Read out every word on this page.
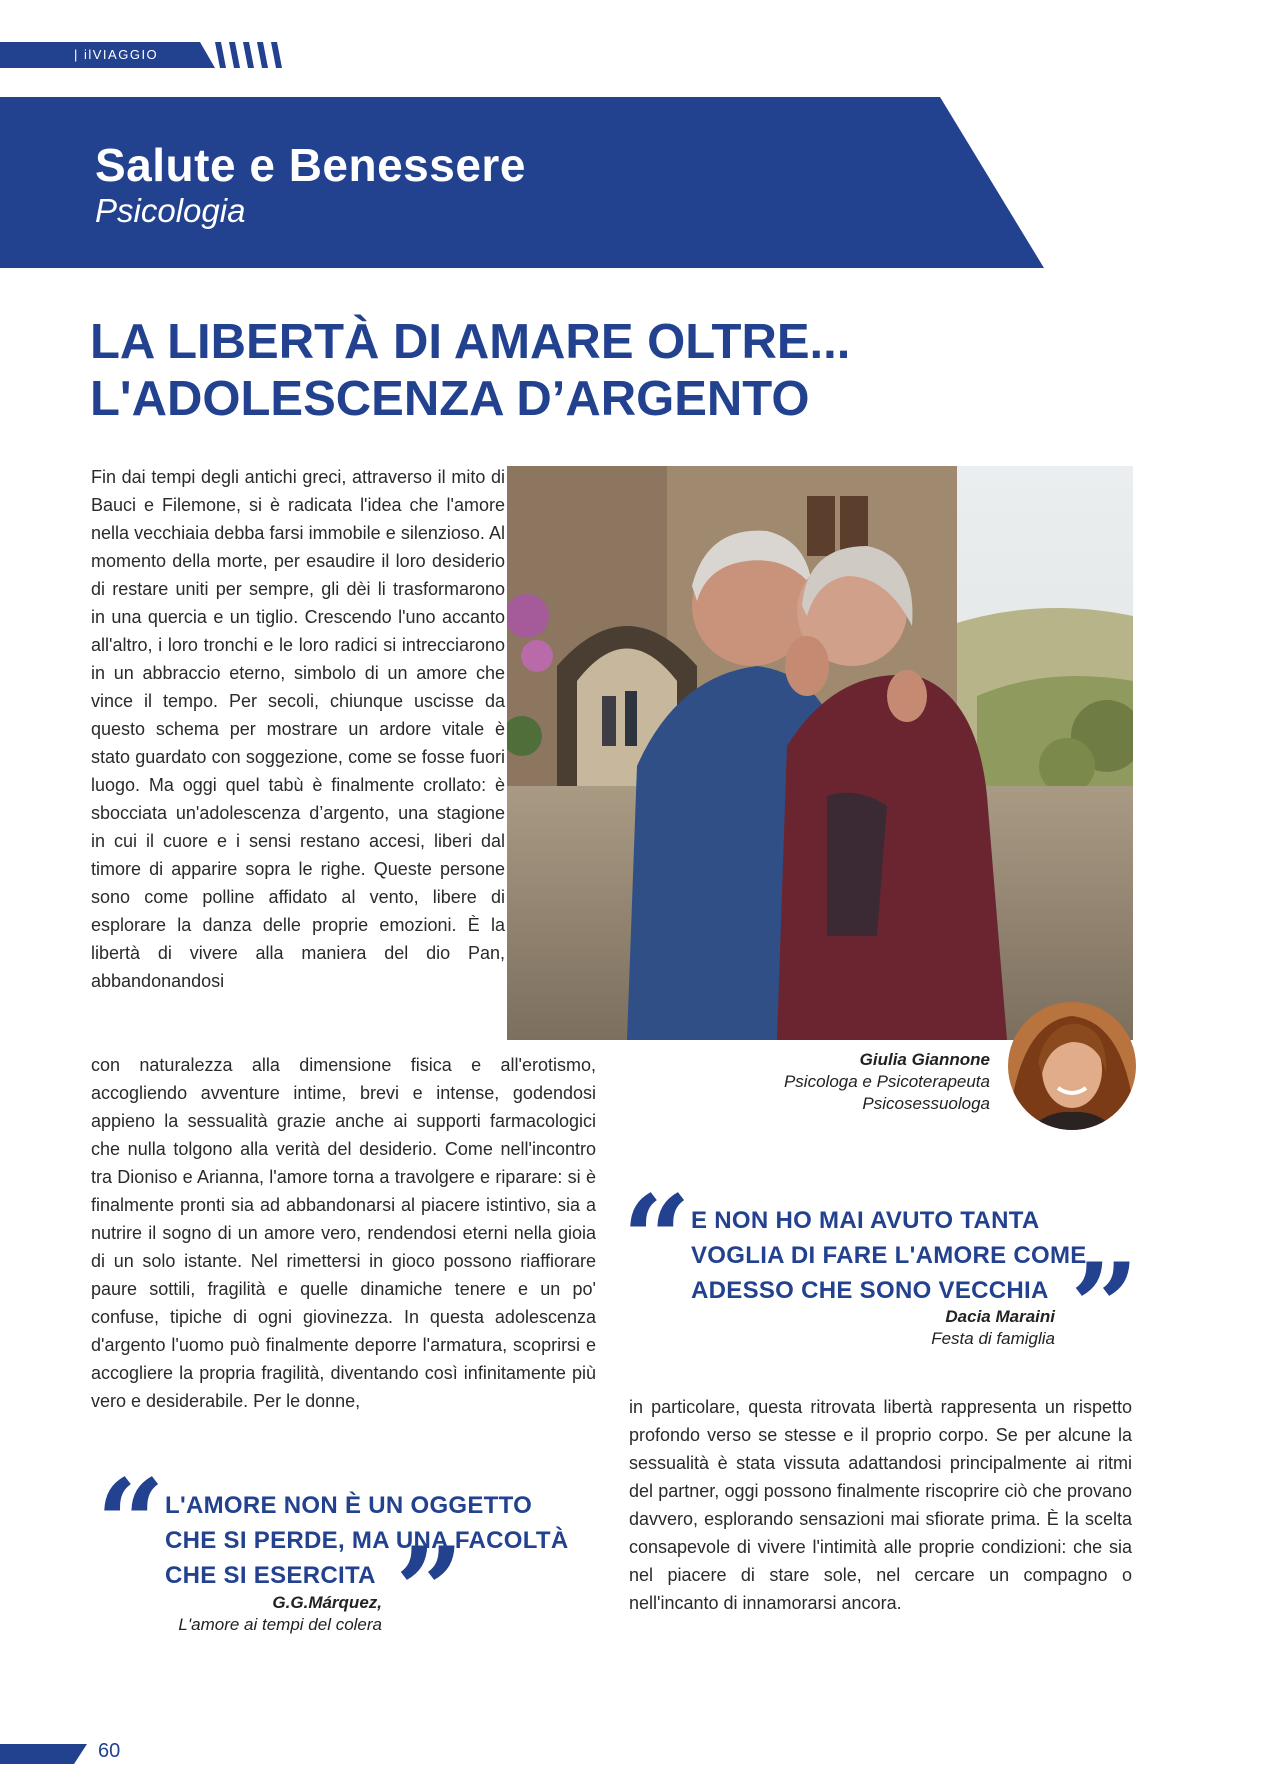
| ilVIAGGIO
Salute e Benessere
Psicologia
LA LIBERTÀ DI AMARE OLTRE...
L'ADOLESCENZA D’ARGENTO

Fin dai tempi degli antichi greci, attraverso il mito di Bauci e Filemone, si è radicata l'idea che l'amore nella vecchiaia debba farsi immobile e silenzioso. Al momento della morte, per esaudire il loro desiderio di restare uniti per sempre, gli dèi li trasformarono in una quercia e un tiglio. Crescendo l'uno accanto all'altro, i loro tronchi e le loro radici si intrecciarono in un abbraccio eterno, simbolo di un amore che vince il tempo. Per secoli, chiunque uscisse da questo schema per mostrare un ardore vitale è stato guardato con soggezione, come se fosse fuori luogo. Ma oggi quel tabù è finalmente crollato: è sbocciata un'adolescenza d’argento, una stagione in cui il cuore e i sensi restano accesi, liberi dal timore di apparire sopra le righe. Queste persone sono come polline affidato al vento, libere di esplorare la danza delle proprie emozioni. È la libertà di vivere alla maniera del dio Pan, abbandonandosi

con naturalezza alla dimensione fisica e all'erotismo, accogliendo avventure intime, brevi e intense, godendosi appieno la sessualità grazie anche ai supporti farmacologici che nulla tolgono alla verità del desiderio. Come nell'incontro tra Dioniso e Arianna, l'amore torna a travolgere e riparare: si è finalmente pronti sia ad abbandonarsi al piacere istintivo, sia a nutrire il sogno di un amore vero, rendendosi eterni nella gioia di un solo istante. Nel rimettersi in gioco possono riaffiorare paure sottili, fragilità e quelle dinamiche tenere e un po' confuse, tipiche di ogni giovinezza. In questa adolescenza d'argento l'uomo può finalmente deporre l'armatura, scoprirsi e accogliere la propria fragilità, diventando così infinitamente più vero e desiderabile. Per le donne,	in particolare, questa ritrovata libertà rappresenta un rispetto profondo verso se stesse e il proprio corpo. Se per alcune la sessualità è stata vissuta adattandosi principalmente ai ritmi del partner, oggi possono finalmente riscoprire ciò che provano davvero, esplorando sensazioni mai sfiorate prima. È la scelta consapevole di vivere l'intimità alle proprie condizioni: che sia nel piacere di stare sole, nel cercare un compagno o nell'incanto di innamorarsi ancora.

Giulia Giannone
Psicologa e Psicoterapeuta
Psicosessuologa
“ E NON HO MAI AVUTO TANTA
VOGLIA DI FARE L'AMORE COME
ADESSO CHE SONO VECCHIA ”
Dacia Maraini
Festa di famiglia
“ L'AMORE NON È UN OGGETTO
CHE SI PERDE, MA UNA FACOLTÀ
CHE SI ESERCITA ”
G.G.Márquez,
L'amore ai tempi del colera
60
